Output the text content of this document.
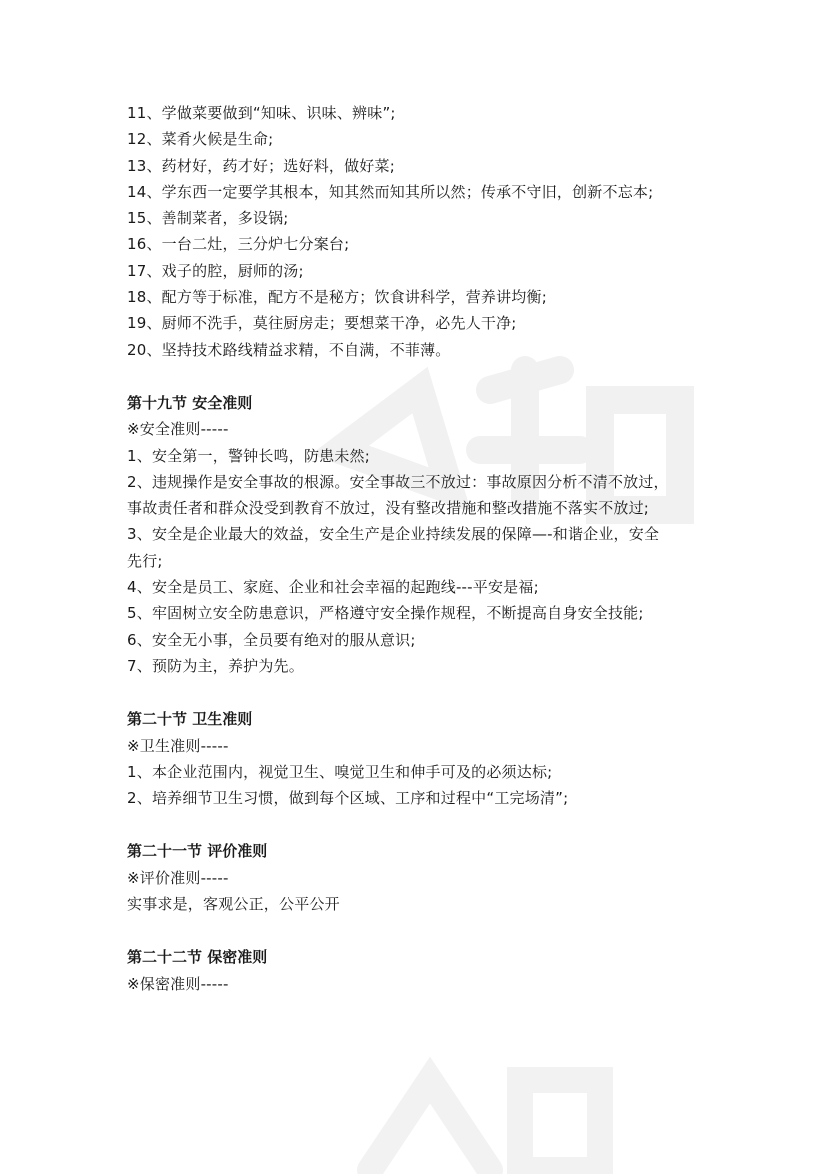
11、学做菜要做到“知味、识味、辨味”;
12、菜肴火候是生命;
13、药材好，药才好；选好料，做好菜;
14、学东西一定要学其根本，知其然而知其所以然；传承不守旧，创新不忘本;
15、善制菜者，多设锅;
16、一台二灶，三分炉七分案台;
17、戏子的腔，厨师的汤;
18、配方等于标准，配方不是秘方；饮食讲科学，营养讲均衡;
19、厨师不洗手，莫往厨房走；要想菜干净，必先人干净;
20、坚持技术路线精益求精，不自满，不菲薄。
第十九节 安全准则
※安全准则-----
1、安全第一，警钟长鸣，防患未然;
2、违规操作是安全事故的根源。安全事故三不放过：事故原因分析不清不放过，
事故责任者和群众没受到教育不放过，没有整改措施和整改措施不落实不放过;
3、安全是企业最大的效益，安全生产是企业持续发展的保障—-和谐企业，安全
先行;
4、安全是员工、家庭、企业和社会幸福的起跑线---平安是福;
5、牢固树立安全防患意识，严格遵守安全操作规程，不断提高自身安全技能;
6、安全无小事，全员要有绝对的服从意识;
7、预防为主，养护为先。
第二十节 卫生准则
※卫生准则-----
1、本企业范围内，视觉卫生、嗅觉卫生和伸手可及的必须达标;
2、培养细节卫生习惯，做到每个区域、工序和过程中“工完场清”;
第二十一节 评价准则
※评价准则-----
实事求是，客观公正，公平公开
第二十二节 保密准则
※保密准则-----
